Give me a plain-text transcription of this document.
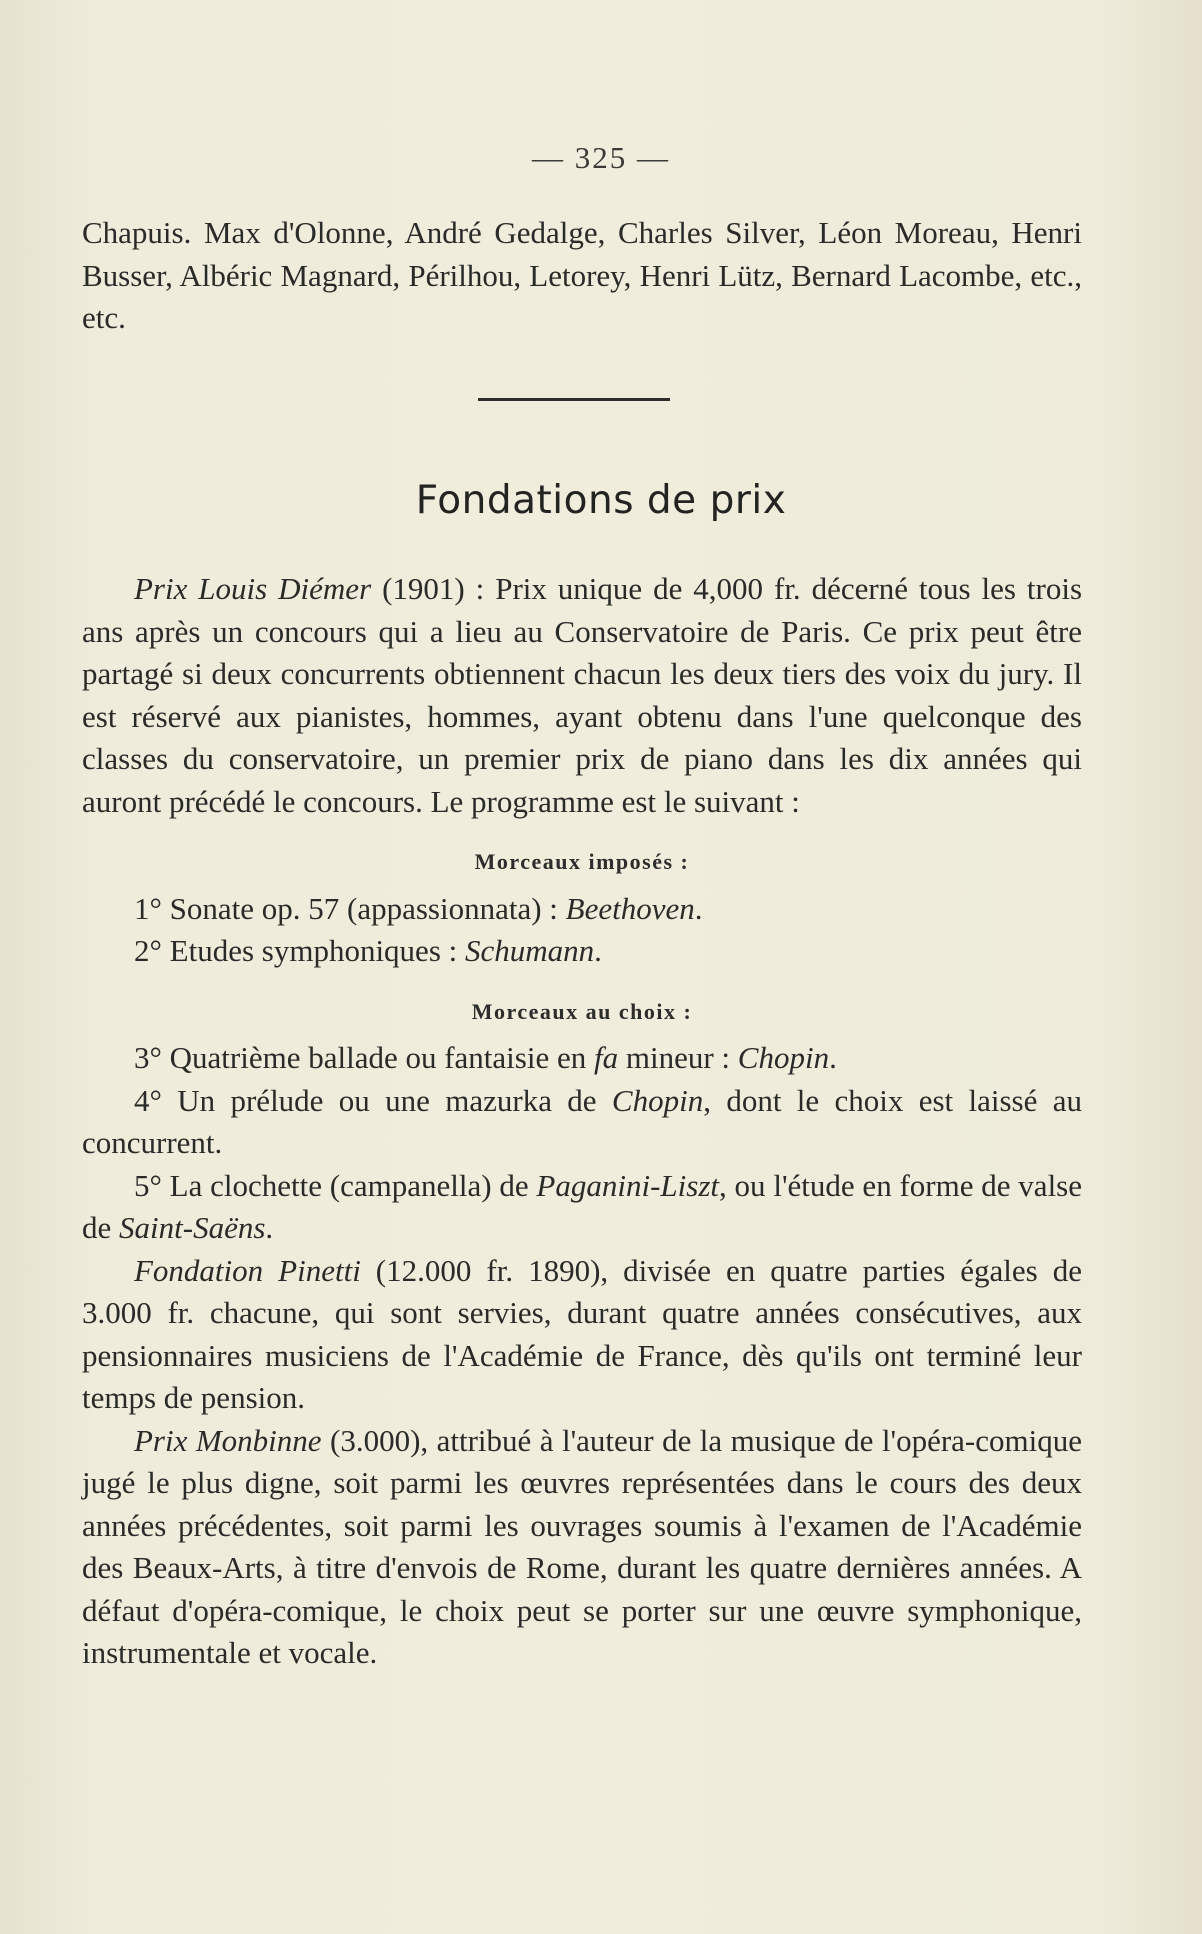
— 325 —

Chapuis. Max d'Olonne, André Gedalge, Charles Silver, Léon Moreau, Henri Busser, Albéric Magnard, Périlhou, Letorey, Henri Lütz, Bernard Lacombe, etc., etc.

Fondations de prix

Prix Louis Diémer (1901) : Prix unique de 4,000 fr. décerné tous les trois ans après un concours qui a lieu au Conservatoire de Paris. Ce prix peut être partagé si deux concurrents obtiennent chacun les deux tiers des voix du jury. Il est réservé aux pianistes, hommes, ayant obtenu dans l'une quelconque des classes du conservatoire, un premier prix de piano dans les dix années qui auront précédé le concours. Le programme est le suivant :

Morceaux imposés :

1° Sonate op. 57 (appassionnata) : Beethoven.

2° Etudes symphoniques : Schumann.

Morceaux au choix :

3° Quatrième ballade ou fantaisie en fa mineur : Chopin.

4° Un prélude ou une mazurka de Chopin, dont le choix est laissé au concurrent.

5° La clochette (campanella) de Paganini-Liszt, ou l'étude en forme de valse de Saint-Saëns.

Fondation Pinetti (12.000 fr. 1890), divisée en quatre parties égales de 3.000 fr. chacune, qui sont servies, durant quatre années consécutives, aux pensionnaires musiciens de l'Académie de France, dès qu'ils ont terminé leur temps de pension.

Prix Monbinne (3.000), attribué à l'auteur de la musique de l'opéra-comique jugé le plus digne, soit parmi les œuvres représentées dans le cours des deux années précédentes, soit parmi les ouvrages soumis à l'examen de l'Académie des Beaux-Arts, à titre d'envois de Rome, durant les quatre dernières années. A défaut d'opéra-comique, le choix peut se porter sur une œuvre symphonique, instrumentale et vocale.
